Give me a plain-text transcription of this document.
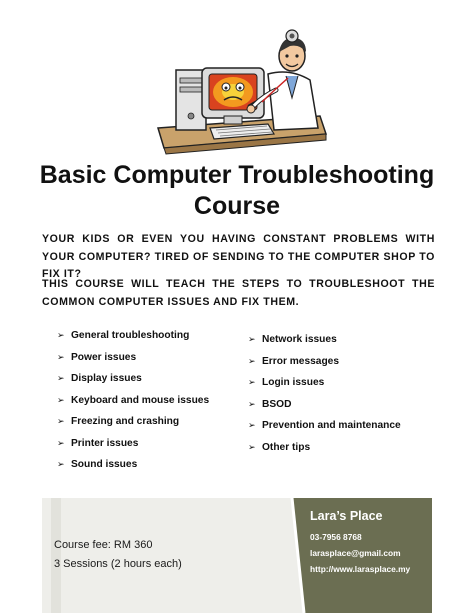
Basic Computer Troubleshooting
Course

YOUR KIDS OR EVEN YOU HAVING CONSTANT PROBLEMS WITH YOUR COMPUTER? TIRED OF SENDING TO THE COMPUTER SHOP TO FIX IT?

THIS COURSE WILL TEACH THE STEPS TO TROUBLESHOOT THE COMMON COMPUTER ISSUES AND FIX THEM.

➢ General troubleshooting
➢ Power issues
➢ Display issues
➢ Keyboard and mouse issues
➢ Freezing and crashing
➢ Printer issues
➢ Sound issues
➢ Network issues
➢ Error messages
➢ Login issues
➢ BSOD
➢ Prevention and maintenance
➢ Other tips
Course fee: RM 360
3 Sessions (2 hours each)
Lara’s Place
03-7956 8768
larasplace@gmail.com
http://www.larasplace.my
